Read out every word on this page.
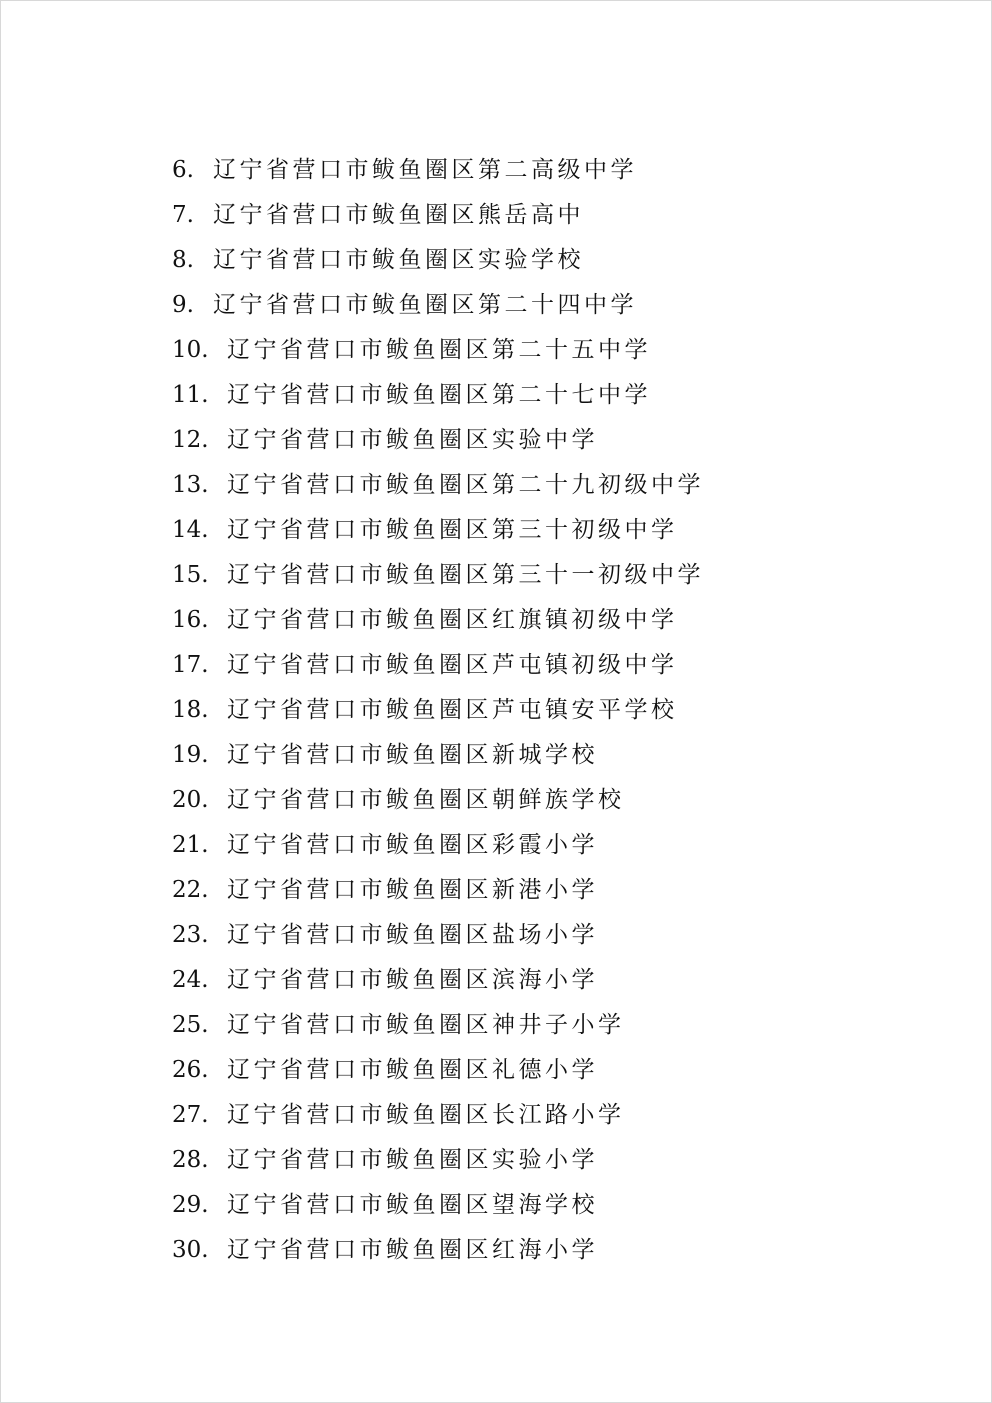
6. 辽宁省营口市鲅鱼圈区第二高级中学
7. 辽宁省营口市鲅鱼圈区熊岳高中
8. 辽宁省营口市鲅鱼圈区实验学校
9. 辽宁省营口市鲅鱼圈区第二十四中学
10. 辽宁省营口市鲅鱼圈区第二十五中学
11. 辽宁省营口市鲅鱼圈区第二十七中学
12. 辽宁省营口市鲅鱼圈区实验中学
13. 辽宁省营口市鲅鱼圈区第二十九初级中学
14. 辽宁省营口市鲅鱼圈区第三十初级中学
15. 辽宁省营口市鲅鱼圈区第三十一初级中学
16. 辽宁省营口市鲅鱼圈区红旗镇初级中学
17. 辽宁省营口市鲅鱼圈区芦屯镇初级中学
18. 辽宁省营口市鲅鱼圈区芦屯镇安平学校
19. 辽宁省营口市鲅鱼圈区新城学校
20. 辽宁省营口市鲅鱼圈区朝鲜族学校
21. 辽宁省营口市鲅鱼圈区彩霞小学
22. 辽宁省营口市鲅鱼圈区新港小学
23. 辽宁省营口市鲅鱼圈区盐场小学
24. 辽宁省营口市鲅鱼圈区滨海小学
25. 辽宁省营口市鲅鱼圈区神井子小学
26. 辽宁省营口市鲅鱼圈区礼德小学
27. 辽宁省营口市鲅鱼圈区长江路小学
28. 辽宁省营口市鲅鱼圈区实验小学
29. 辽宁省营口市鲅鱼圈区望海学校
30. 辽宁省营口市鲅鱼圈区红海小学
